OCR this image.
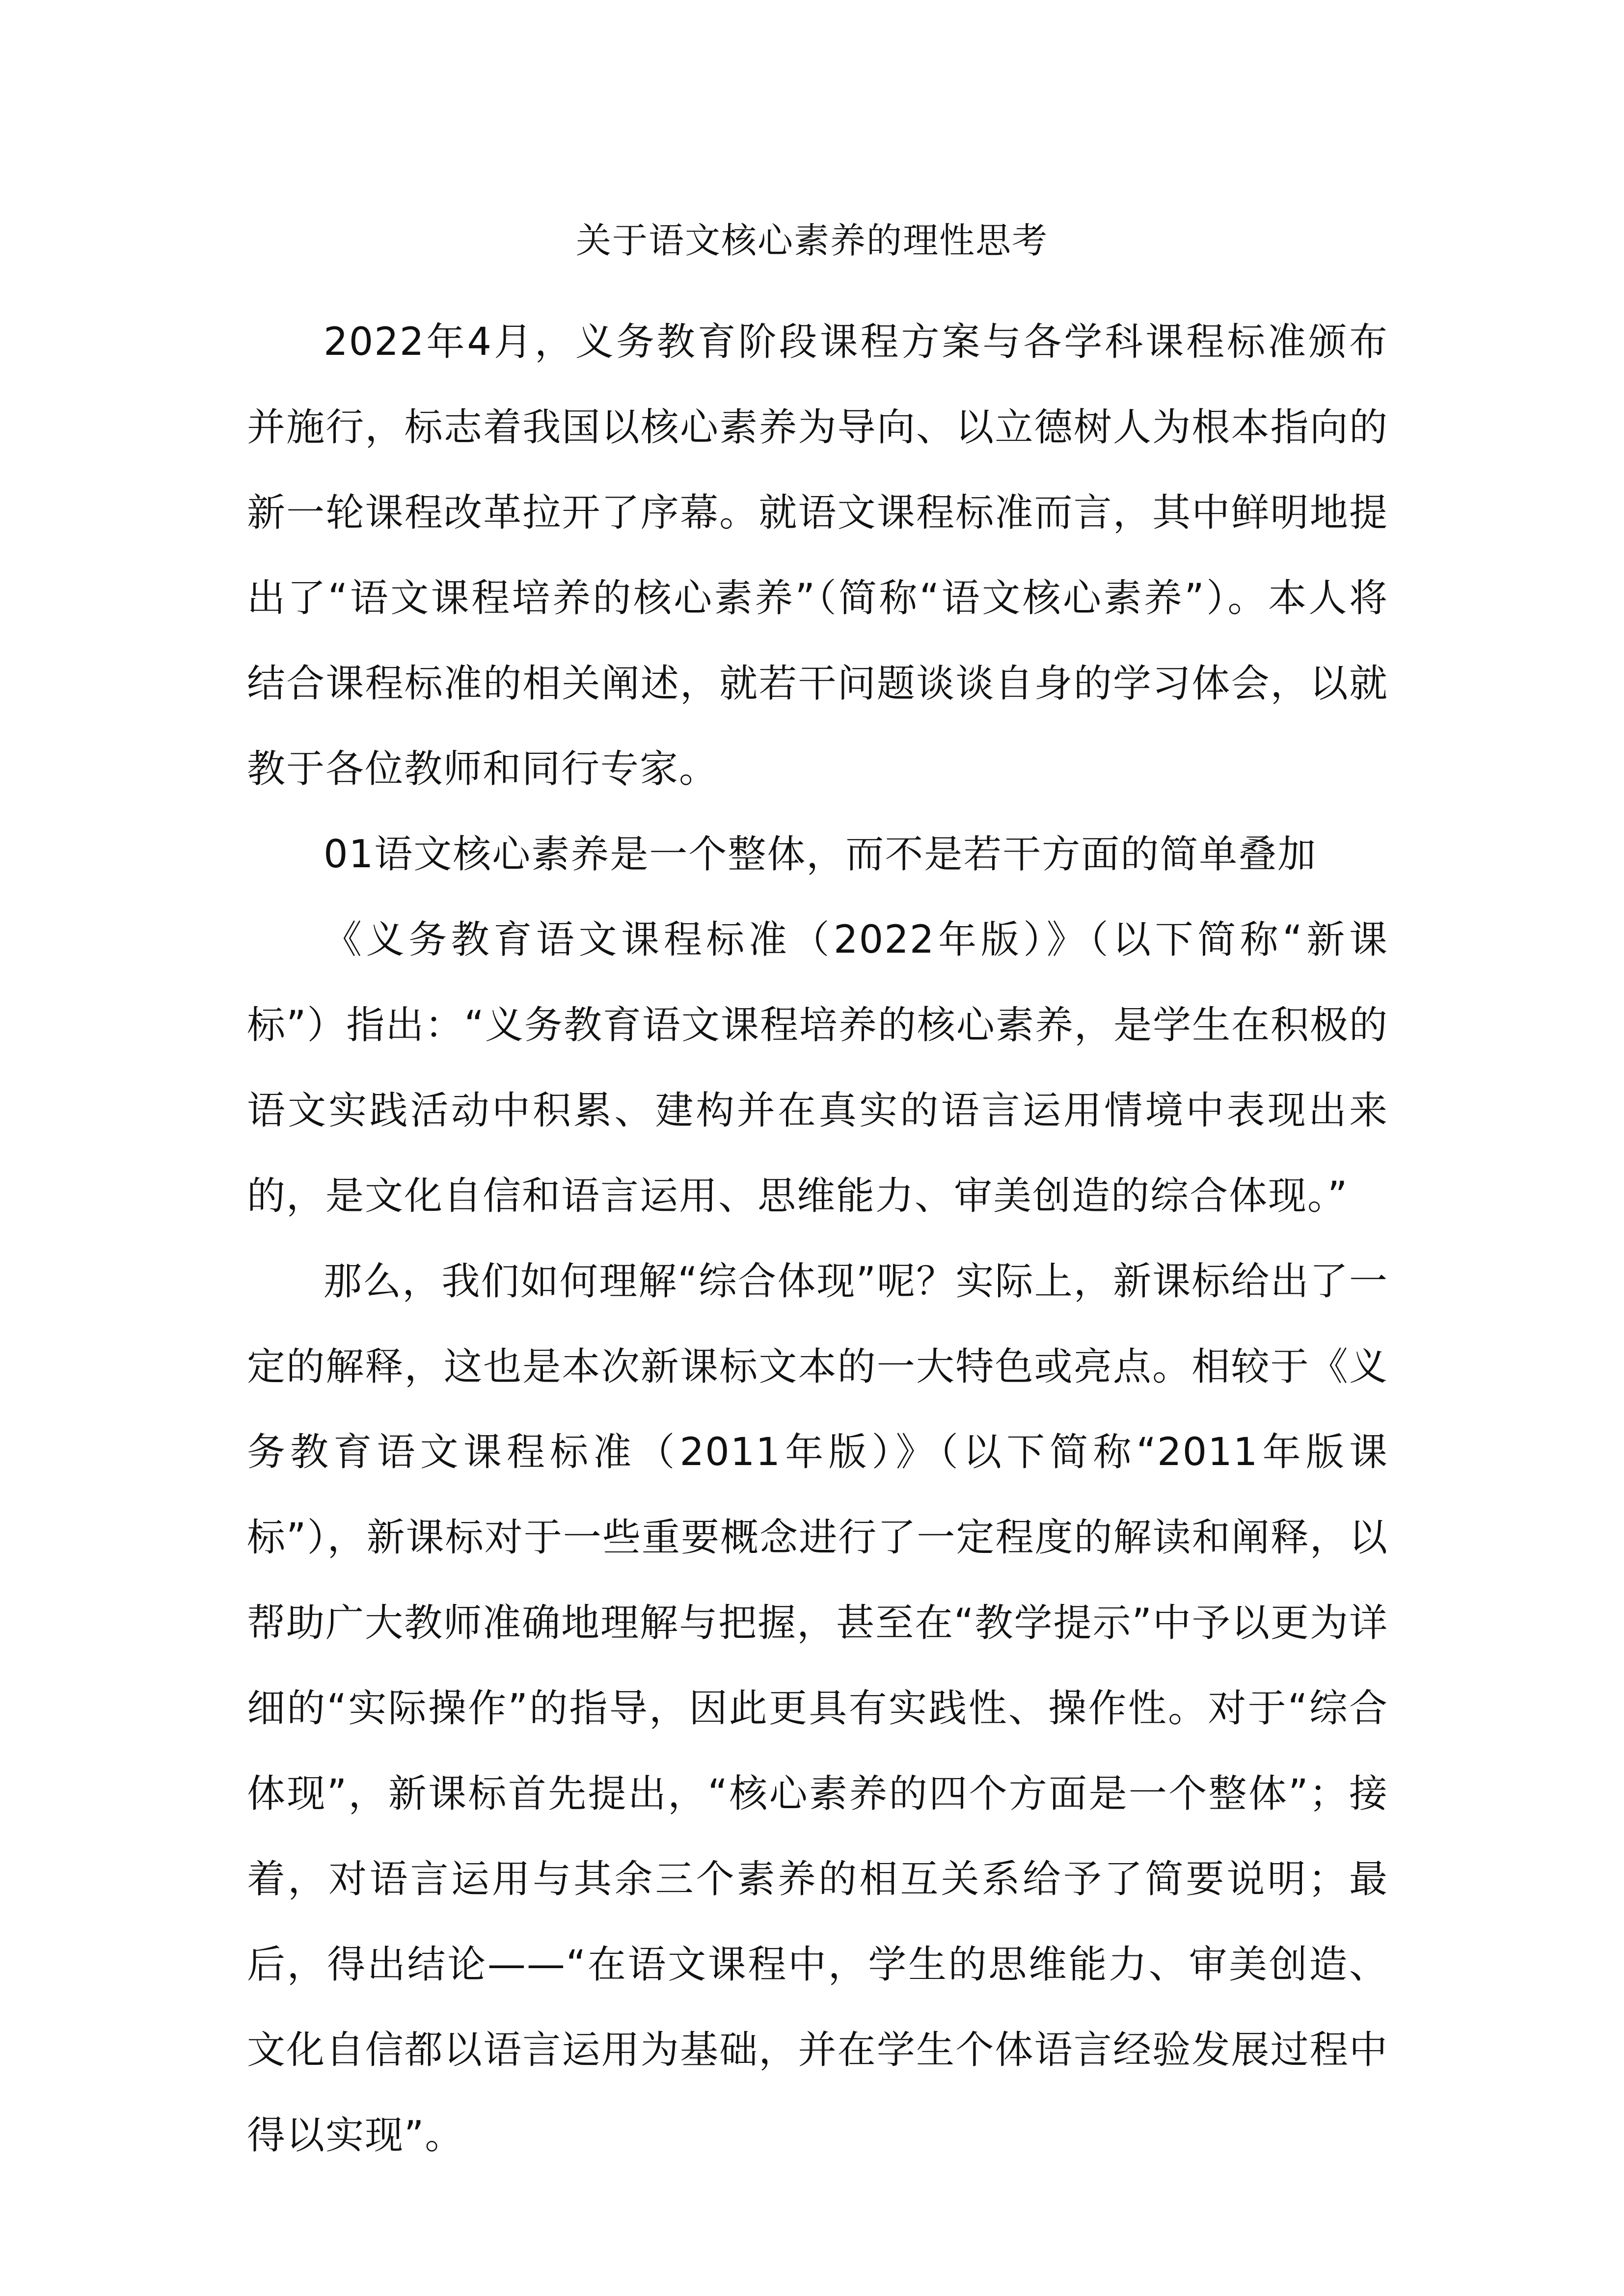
关于语文核心素养的理性思考

2022年4月，义务教育阶段课程方案与各学科课程标准颁布并施行，标志着我国以核心素养为导向、以立德树人为根本指向的新一轮课程改革拉开了序幕。就语文课程标准而言，其中鲜明地提出了“语文课程培养的核心素养”（简称“语文核心素养”）。本人将结合课程标准的相关阐述，就若干问题谈谈自身的学习体会，以就教于各位教师和同行专家。

01语文核心素养是一个整体，而不是若干方面的简单叠加

《义务教育语文课程标准（2022年版）》（以下简称“新课标”）指出：“义务教育语文课程培养的核心素养，是学生在积极的语文实践活动中积累、建构并在真实的语言运用情境中表现出来的，是文化自信和语言运用、思维能力、审美创造的综合体现。”

那么，我们如何理解“综合体现”呢？实际上，新课标给出了一定的解释，这也是本次新课标文本的一大特色或亮点。相较于《义务教育语文课程标准（2011年版）》（以下简称“2011年版课标”），新课标对于一些重要概念进行了一定程度的解读和阐释，以帮助广大教师准确地理解与把握，甚至在“教学提示”中予以更为详细的“实际操作”的指导，因此更具有实践性、操作性。对于“综合体现”，新课标首先提出，“核心素养的四个方面是一个整体”；接着，对语言运用与其余三个素养的相互关系给予了简要说明；最后，得出结论——“在语文课程中，学生的思维能力、审美创造、文化自信都以语言运用为基础，并在学生个体语言经验发展过程中得以实现”。
